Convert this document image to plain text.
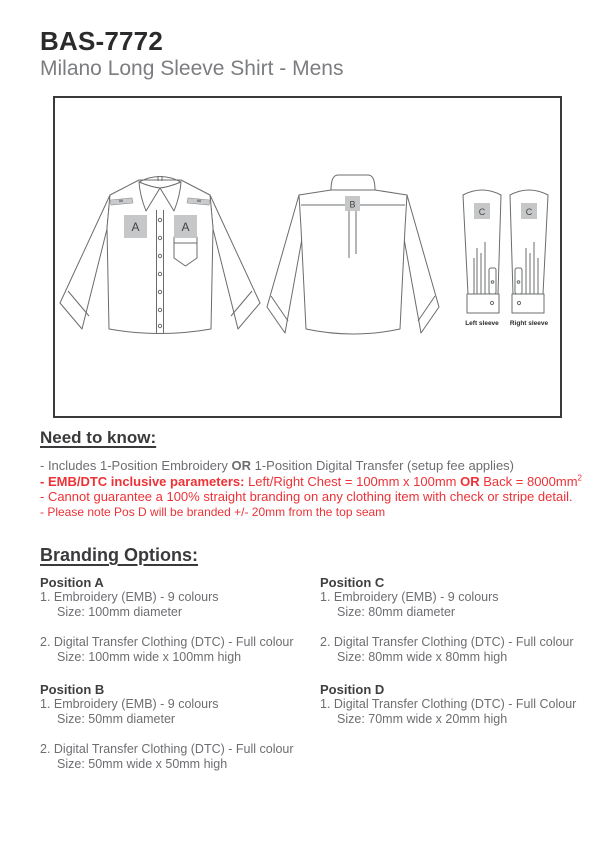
BAS-7772
Milano Long Sleeve Shirt - Mens
A	A
B
C
Left sleeve
C
Right sleeve
Need to know:

- Includes 1-Position Embroidery OR 1-Position Digital Transfer (setup fee applies)

- EMB/DTC inclusive parameters: Left/Right Chest = 100mm x 100mm OR Back = $8000mm^2$

- Cannot guarantee a 100% straight branding on any clothing item with check or stripe detail.

- Please note Pos D will be branded +/- 20mm from the top seam

Branding Options:

Position A

1. Embroidery (EMB) - 9 colours

Size: 100mm diameter

2. Digital Transfer Clothing (DTC) - Full colour

Size: 100mm wide x 100mm high

Position B

1. Embroidery (EMB) - 9 colours

Size: 50mm diameter

2. Digital Transfer Clothing (DTC) - Full colour

Size: 50mm wide x 50mm high

Position C

1. Embroidery (EMB) - 9 colours

Size: 80mm diameter

2. Digital Transfer Clothing (DTC) - Full colour

Size: 80mm wide x 80mm high

Position D

1. Digital Transfer Clothing (DTC) - Full Colour

Size: 70mm wide x 20mm high
